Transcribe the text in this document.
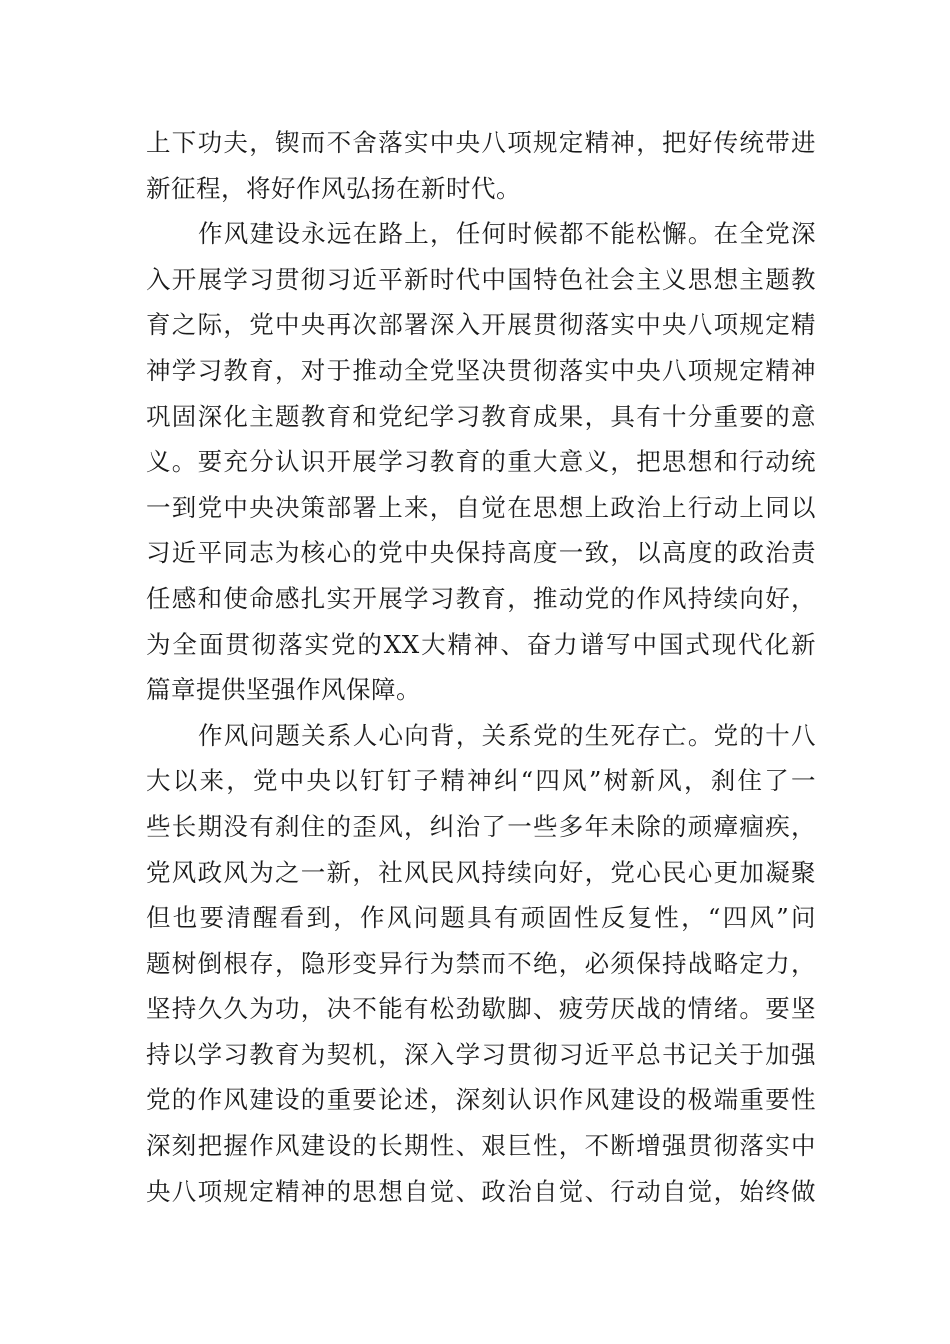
上下功夫，锲而不舍落实中央八项规定精神，把好传统带进
新征程，将好作风弘扬在新时代。
作风建设永远在路上，任何时候都不能松懈。在全党深
入开展学习贯彻习近平新时代中国特色社会主义思想主题教
育之际，党中央再次部署深入开展贯彻落实中央八项规定精
神学习教育，对于推动全党坚决贯彻落实中央八项规定精神
巩固深化主题教育和党纪学习教育成果，具有十分重要的意
义。要充分认识开展学习教育的重大意义，把思想和行动统
一到党中央决策部署上来，自觉在思想上政治上行动上同以
习近平同志为核心的党中央保持高度一致，以高度的政治责
任感和使命感扎实开展学习教育，推动党的作风持续向好，
为全面贯彻落实党的XX大精神、奋力谱写中国式现代化新
篇章提供坚强作风保障。
作风问题关系人心向背，关系党的生死存亡。党的十八
大以来，党中央以钉钉子精神纠“四风”树新风，刹住了一
些长期没有刹住的歪风，纠治了一些多年未除的顽瘴痼疾，
党风政风为之一新，社风民风持续向好，党心民心更加凝聚
但也要清醒看到，作风问题具有顽固性反复性，“四风”问
题树倒根存，隐形变异行为禁而不绝，必须保持战略定力，
坚持久久为功，决不能有松劲歇脚、疲劳厌战的情绪。要坚
持以学习教育为契机，深入学习贯彻习近平总书记关于加强
党的作风建设的重要论述，深刻认识作风建设的极端重要性
深刻把握作风建设的长期性、艰巨性，不断增强贯彻落实中
央八项规定精神的思想自觉、政治自觉、行动自觉，始终做
